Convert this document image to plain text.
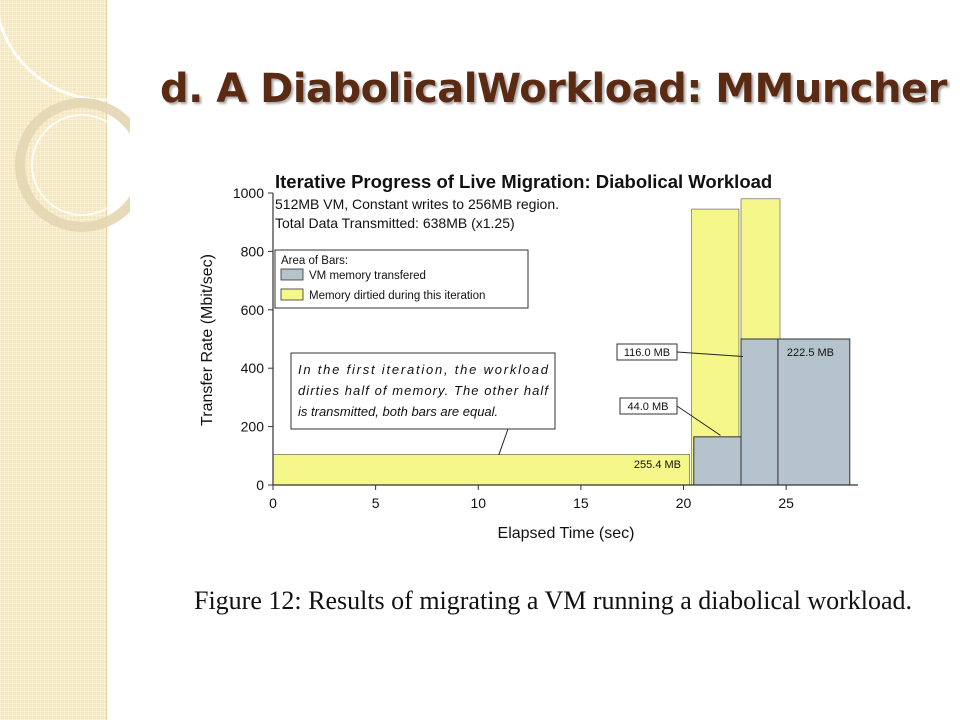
d. A DiabolicalWorkload: MMuncher
Iterative Progress of Live Migration: Diabolical Workload
512MB VM, Constant writes to 256MB region.
Total Data Transmitted: 638MB (x1.25)
0
200
400
600
800
1000
0	5	10	15	20	25
Elapsed Time (sec)
Transfer Rate (Mbit/sec)	Area of Bars:
VM memory transfered
Memory dirtied during this iteration
In the first iteration, the workload
dirties half of memory. The other half
is transmitted, both bars are equal.
116.0 MB
44.0 MB
255.4 MB
222.5 MB

Figure 12: Results of migrating a VM running a diabolical workload.
